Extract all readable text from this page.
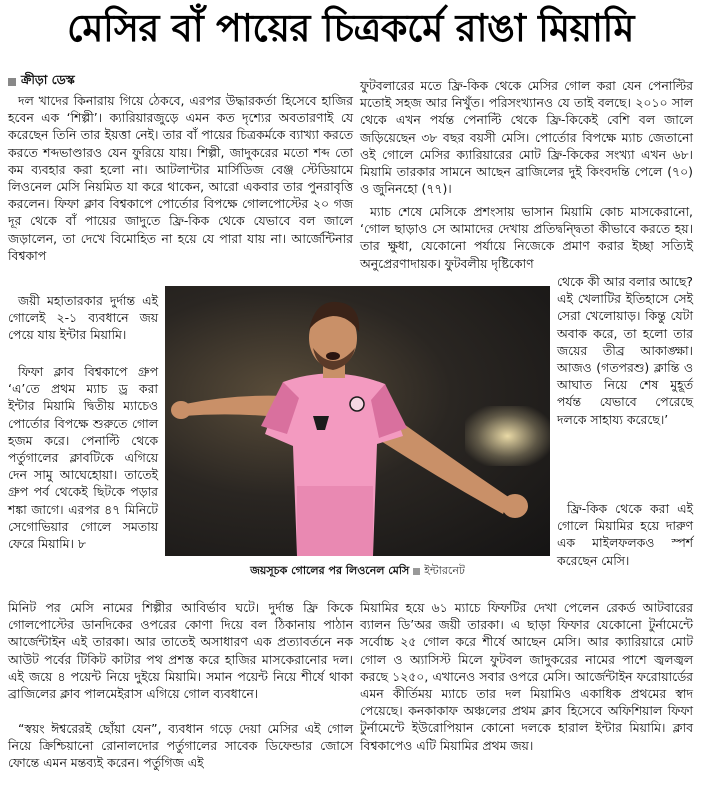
মেসির বাঁ পায়ের চিত্রকর্মে রাঙা মিয়ামি
ক্রীড়া ডেস্ক

দল খাদের কিনারায় গিয়ে ঠেকবে, এরপর উদ্ধারকর্তা হিসেবে হাজির হবেন এক ‘শিল্পী’। ক্যারিয়ারজুড়ে এমন কত দৃশ্যের অবতারণাই যে করেছেন তিনি তার ইয়ত্তা নেই। তার বাঁ পায়ের চিত্রকর্মকে ব্যাখ্যা করতে করতে শব্দভাণ্ডারও যেন ফুরিয়ে যায়। শিল্পী, জাদুকরের মতো শব্দ তো কম ব্যবহার করা হলো না। আটলান্টার মার্সিডিজ বেঞ্জ স্টেডিয়ামে লিওনেল মেসি নিয়মিত যা করে থাকেন, আরো একবার তার পুনরাবৃত্তি করলেন। ফিফা ক্লাব বিশ্বকাপে পোর্তোর বিপক্ষে গোলপোস্টের ২০ গজ দূর থেকে বাঁ পায়ের জাদুতে ফ্রি-কিক থেকে যেভাবে বল জালে জড়ালেন, তা দেখে বিমোহিত না হয়ে যে পারা যায় না। আর্জেন্টিনার বিশ্বকাপ

জয়ী মহাতারকার দুর্দান্ত এই গোলেই ২-১ ব্যবধানে জয় পেয়ে যায় ইন্টার মিয়ামি।

ফিফা ক্লাব বিশ্বকাপে গ্রুপ ‘এ’তে প্রথম ম্যাচ ড্র করা ইন্টার মিয়ামি দ্বিতীয় ম্যাচেও পোর্তোর বিপক্ষে শুরুতে গোল হজম করে। পেনাল্টি থেকে পর্তুগালের ক্লাবটিকে এগিয়ে দেন সামু আঘেহোয়া। তাতেই গ্রুপ পর্ব থেকেই ছিটকে পড়ার শঙ্কা জাগে। এরপর ৪৭ মিনিটে সেগোভিয়ার গোলে সমতায় ফেরে মিয়ামি। ৮

মিনিট পর মেসি নামের শিল্পীর আবির্ভাব ঘটে। দুর্দান্ত ফ্রি কিকে গোলপোস্টের ডানদিকের ওপরের কোণা দিয়ে বল ঠিকানায় পাঠান আর্জেন্টাইন এই তারকা। আর তাতেই অসাধারণ এক প্রত্যাবর্তনে নক আউট পর্বের টিকিট কাটার পথ প্রশস্ত করে হাজির মাসকেরানোর দল। এই জয়ে ৪ পয়েন্ট নিয়ে দুইয়ে মিয়ামি। সমান পয়েন্ট নিয়ে শীর্ষে থাকা ব্রাজিলের ক্লাব পালমেইরাস এগিয়ে গোল ব্যবধানে।

“স্বয়ং ঈশ্বরেরই ছোঁয়া যেন”, ব্যবধান গড়ে দেয়া মেসির এই গোল নিয়ে ক্রিশ্চিয়ানো রোনালদোর পর্তুগালের সাবেক ডিফেন্ডার জোসে ফোন্তে এমন মন্তব্যই করেন। পর্তুগিজ এই

ফুটবলারের মতে ফ্রি-কিক থেকে মেসির গোল করা যেন পেনাল্টির মতোই সহজ আর নিখুঁত। পরিসংখ্যানও যে তাই বলছে। ২০১০ সাল থেকে এখন পর্যন্ত পেনাল্টি থেকে ফ্রি-কিকেই বেশি বল জালে জড়িয়েছেন ৩৮ বছর বয়সী মেসি। পোর্তোর বিপক্ষে ম্যাচ জেতানো ওই গোলে মেসির ক্যারিয়ারের মোট ফ্রি-কিকের সংখ্যা এখন ৬৮। মিয়ামি তারকার সামনে আছেন ব্রাজিলের দুই কিংবদন্তি পেলে (৭০) ও জুনিনহো (৭৭)।

ম্যাচ শেষে মেসিকে প্রশংসায় ভাসান মিয়ামি কোচ মাসকেরানো, ‘গোল ছাড়াও সে আমাদের দেখায় প্রতিদ্বন্দ্বিতা কীভাবে করতে হয়। তার ক্ষুধা, যেকোনো পর্যায়ে নিজেকে প্রমাণ করার ইচ্ছা সত্যিই অনুপ্রেরণাদায়ক। ফুটবলীয় দৃষ্টিকোণ

থেকে কী আর বলার আছে? এই খেলাটির ইতিহাসে সেই সেরা খেলোয়াড়। কিন্তু যেটা অবাক করে, তা হলো তার জয়ের তীব্র আকাঙ্ক্ষা। আজও (গতপরশু) ক্লান্তি ও আঘাত নিয়ে শেষ মুহূর্ত পর্যন্ত যেভাবে পেরেছে দলকে সাহায্য করেছে।’

ফ্রি-কিক থেকে করা এই গোলে মিয়ামির হয়ে দারুণ এক মাইলফলকও স্পর্শ করেছেন মেসি।

মিয়ামির হয়ে ৬১ ম্যাচে ফিফটির দেখা পেলেন রেকর্ড আটবারের ব্যালন ডি’অর জয়ী তারকা। এ ছাড়া ফিফার যেকোনো টুর্নামেন্টে সর্বোচ্চ ২৫ গোল করে শীর্ষে আছেন মেসি। আর ক্যারিয়ারে মোট গোল ও অ্যাসিস্ট মিলে ফুটবল জাদুকরের নামের পাশে জ্বলজ্বল করছে ১২৫০, এখানেও সবার ওপরে মেসি। আর্জেন্টাইন ফরোয়ার্ডের এমন কীর্তিময় ম্যাচে তার দল মিয়ামিও একাধিক প্রথমের স্বাদ পেয়েছে। কনকাকাফ অঞ্চলের প্রথম ক্লাব হিসেবে অফিশিয়াল ফিফা টুর্নামেন্টে ইউরোপিয়ান কোনো দলকে হারাল ইন্টার মিয়ামি। ক্লাব বিশ্বকাপেও এটি মিয়ামির প্রথম জয়।

জয়সূচক গোলের পর লিওনেল মেসি ইন্টারনেট
